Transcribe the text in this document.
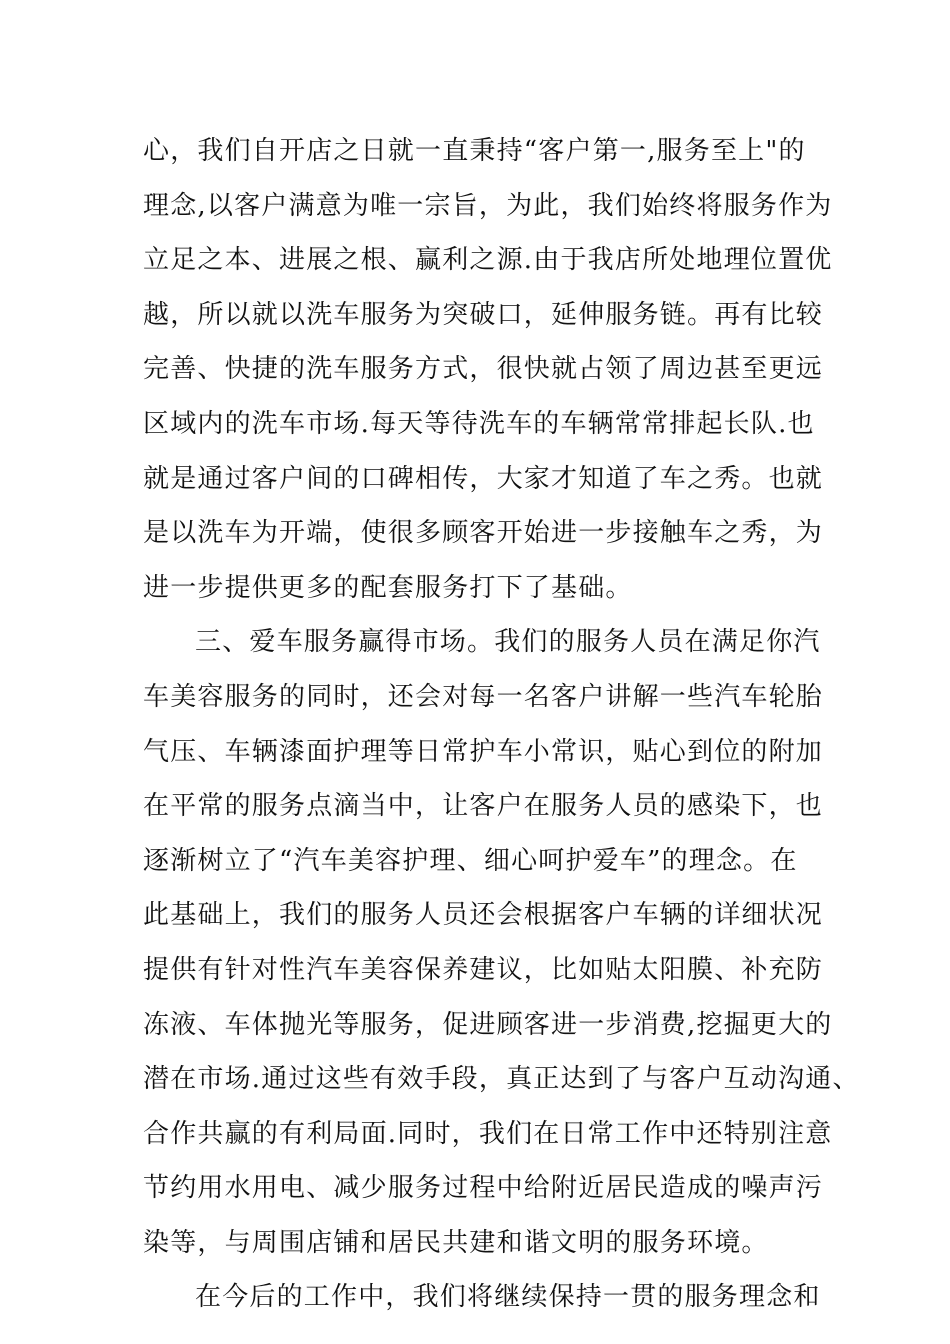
心，我们自开店之日就一直秉持“客户第一,服务至上"的
理念,以客户满意为唯一宗旨，为此，我们始终将服务作为
立足之本、进展之根、赢利之源.由于我店所处地理位置优
越，所以就以洗车服务为突破口，延伸服务链。再有比较
完善、快捷的洗车服务方式，很快就占领了周边甚至更远
区域内的洗车市场.每天等待洗车的车辆常常排起长队.也
就是通过客户间的口碑相传，大家才知道了车之秀。也就
是以洗车为开端，使很多顾客开始进一步接触车之秀，为
进一步提供更多的配套服务打下了基础。
三、爱车服务赢得市场。我们的服务人员在满足你汽
车美容服务的同时，还会对每一名客户讲解一些汽车轮胎
气压、车辆漆面护理等日常护车小常识，贴心到位的附加
在平常的服务点滴当中，让客户在服务人员的感染下，也
逐渐树立了“汽车美容护理、细心呵护爱车”的理念。在
此基础上，我们的服务人员还会根据客户车辆的详细状况
提供有针对性汽车美容保养建议，比如贴太阳膜、补充防
冻液、车体抛光等服务，促进顾客进一步消费,挖掘更大的
潜在市场.通过这些有效手段，真正达到了与客户互动沟通、
合作共赢的有利局面.同时，我们在日常工作中还特别注意
节约用水用电、减少服务过程中给附近居民造成的噪声污
染等，与周围店铺和居民共建和谐文明的服务环境。
在今后的工作中，我们将继续保持一贯的服务理念和
